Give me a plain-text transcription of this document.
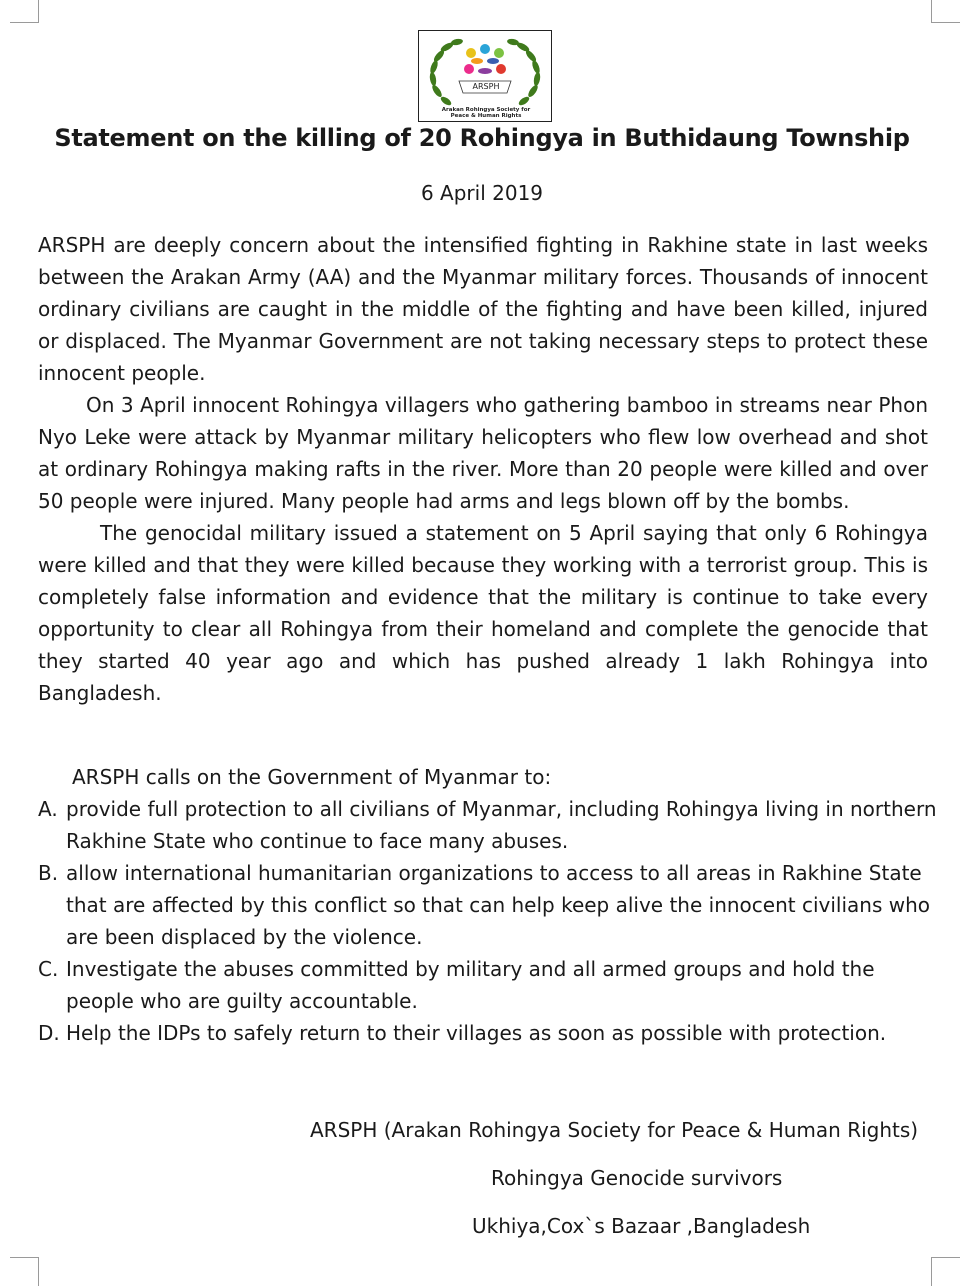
ARSPH
Arakan Rohingya Society for Peace & Human Rights
Statement on the killing of 20 Rohingya in Buthidaung Township
6 April 2019

ARSPH are deeply concern about the intensified fighting in Rakhine state in last weeks between the Arakan Army (AA) and the Myanmar military forces. Thousands of innocent ordinary civilians are caught in the middle of the fighting and have been killed, injured or displaced. The Myanmar Government are not taking necessary steps to protect these innocent people.

On 3 April innocent Rohingya villagers who gathering bamboo in streams near Phon Nyo Leke were attack by Myanmar military helicopters who flew low overhead and shot at ordinary Rohingya making rafts in the river. More than 20 people were killed and over 50 people were injured. Many people had arms and legs blown off by the bombs.

The genocidal military issued a statement on 5 April saying that only 6 Rohingya were killed and that they were killed because they working with a terrorist group. This is completely false information and evidence that the military is continue to take every opportunity to clear all Rohingya from their homeland and complete the genocide that they started 40 year ago and which has pushed already 1 lakh Rohingya into Bangladesh.

ARSPH calls on the Government of Myanmar to:
A. provide full protection to all civilians of Myanmar, including Rohingya living in northern Rakhine State who continue to face many abuses.
B. allow international humanitarian organizations to access to all areas in Rakhine State that are affected by this conflict so that can help keep alive the innocent civilians who are been displaced by the violence.
C. Investigate the abuses committed by military and all armed groups and hold the people who are guilty accountable.
D. Help the IDPs to safely return to their villages as soon as possible with protection.
ARSPH (Arakan Rohingya Society for Peace & Human Rights)
Rohingya Genocide survivors
Ukhiya,Cox`s Bazaar ,Bangladesh
